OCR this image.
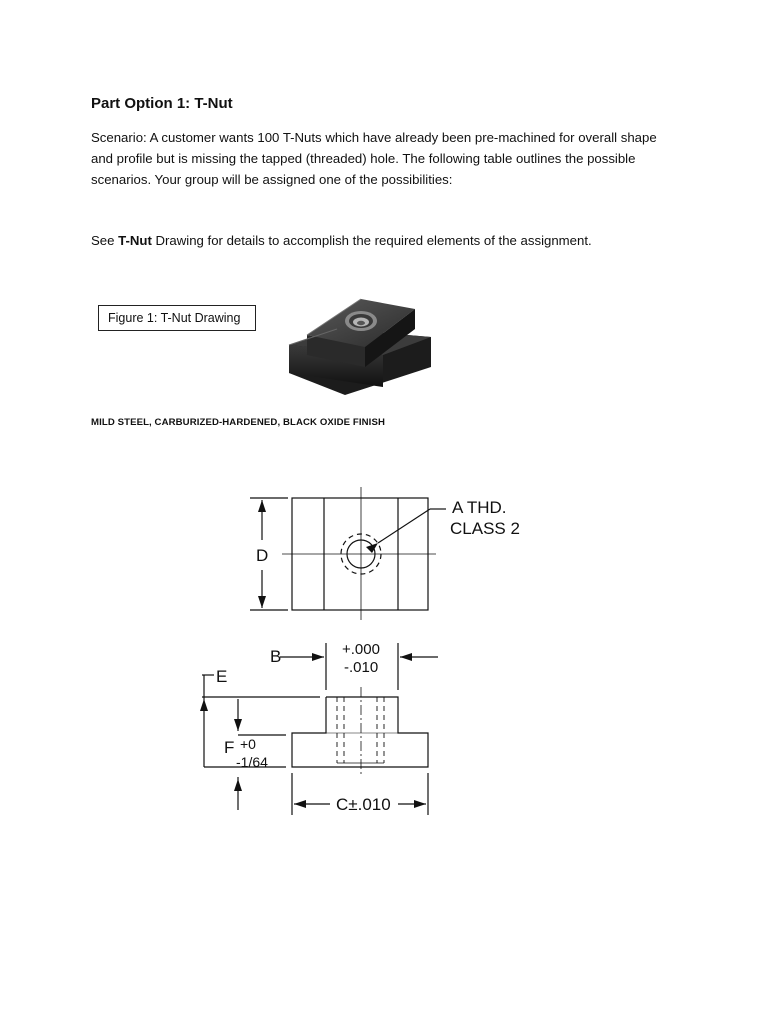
Part Option 1: T-Nut
Scenario: A customer wants 100 T-Nuts which have already been pre-machined for overall shape and profile but is missing the tapped (threaded) hole. The following table outlines the possible scenarios. Your group will be assigned one of the possibilities:
See T-Nut Drawing for details to accomplish the required elements of the assignment.
Figure 1: T-Nut Drawing
MILD STEEL, CARBURIZED-HARDENED, BLACK OXIDE FINISH
A THD.
CLASS 2
D
B	+.000
-.010
E
F +0
-1/64
C±.010
